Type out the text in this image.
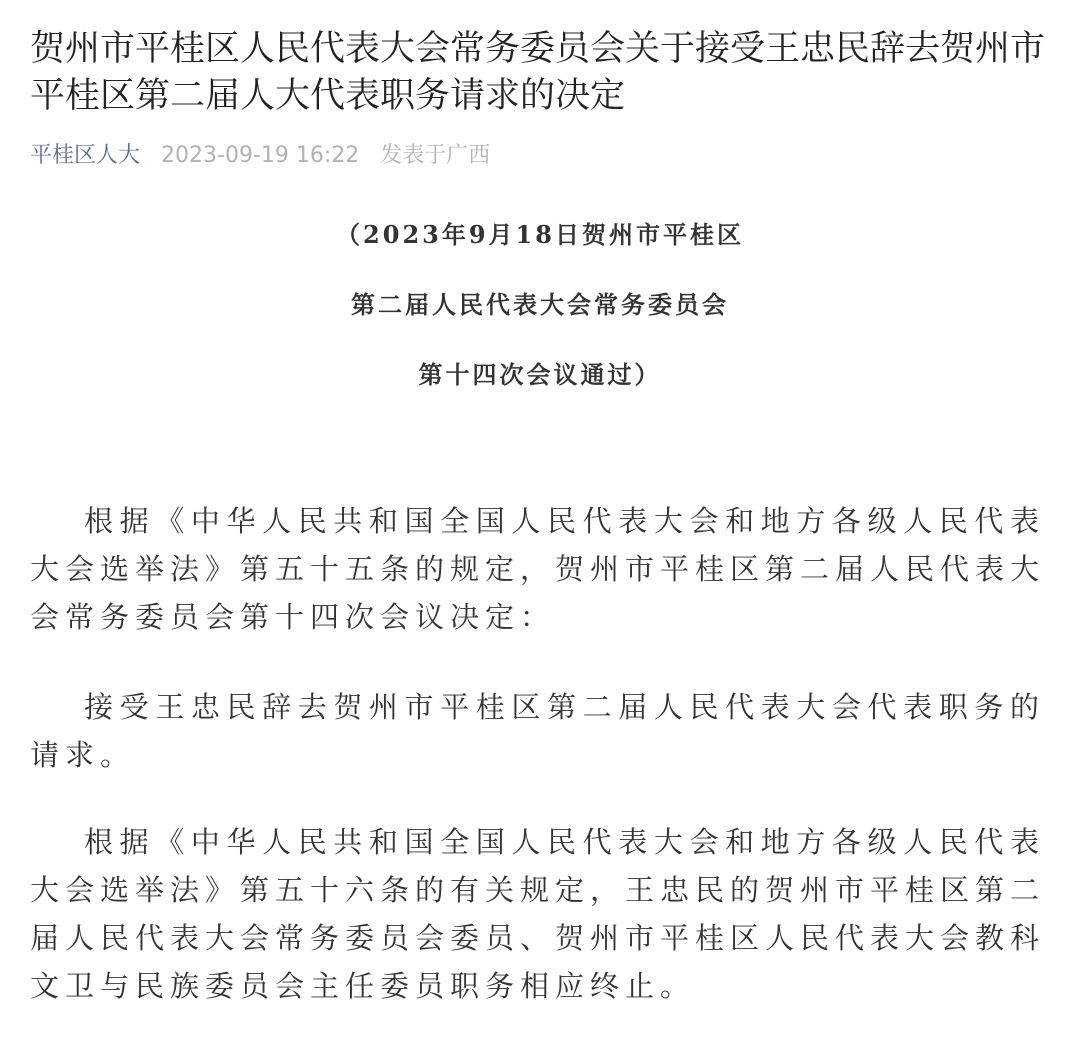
贺州市平桂区人民代表大会常务委员会关于接受王忠民辞去贺州市平桂区第二届人大代表职务请求的决定
平桂区人大 2023-09-19 16:22 发表于广西
（2023年9月18日贺州市平桂区
第二届人民代表大会常务委员会
第十四次会议通过）

根据《中华人民共和国全国人民代表大会和地方各级人民代表大会选举法》第五十五条的规定，贺州市平桂区第二届人民代表大会常务委员会第十四次会议决定：

接受王忠民辞去贺州市平桂区第二届人民代表大会代表职务的请求。

根据《中华人民共和国全国人民代表大会和地方各级人民代表大会选举法》第五十六条的有关规定，王忠民的贺州市平桂区第二届人民代表大会常务委员会委员、贺州市平桂区人民代表大会教科文卫与民族委员会主任委员职务相应终止。
